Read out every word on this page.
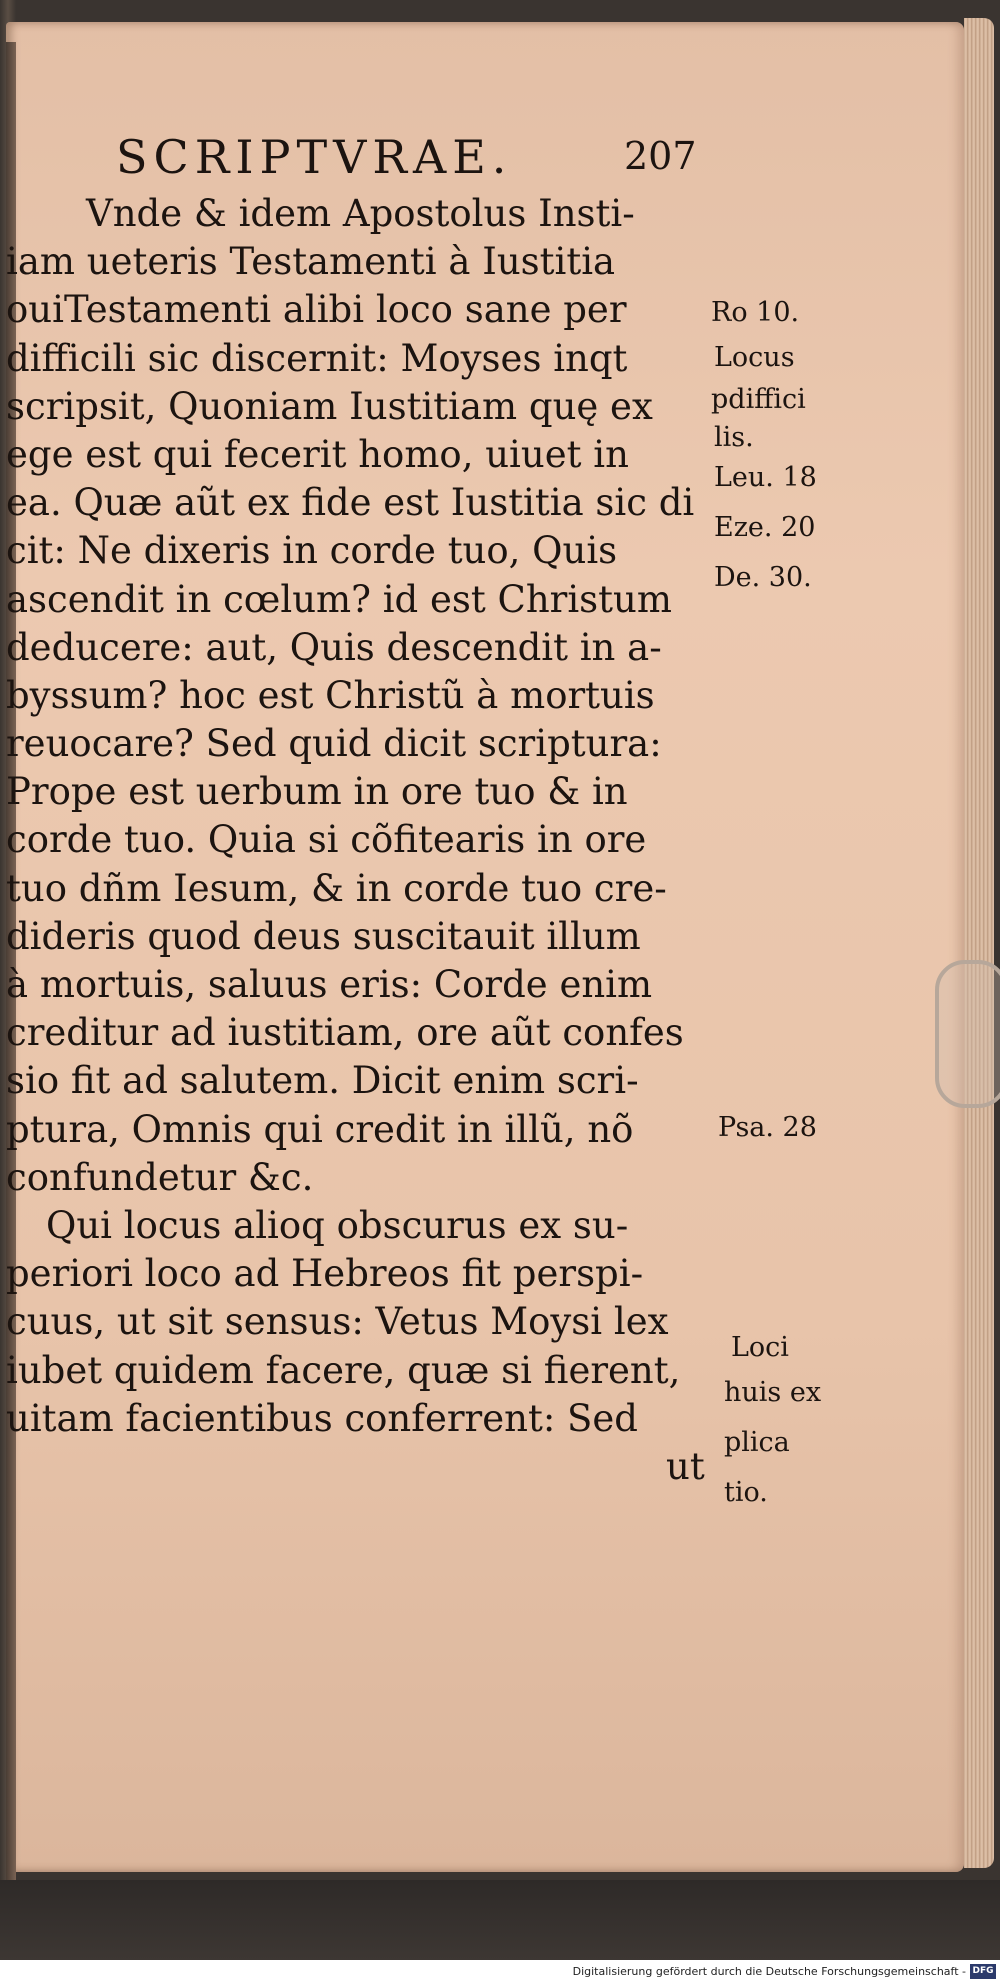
SCRIPTVRAE.	207
Vnde & idem Apostolus Insti-
iam ueteris Testamenti à Iustitia
ouiTestamenti alibi loco sane per
difficili sic discernit: Moyses inqt
scripsit, Quoniam Iustitiam quę ex
ege est qui fecerit homo, uiuet in
ea. Quæ aũt ex fide est Iustitia sic di
cit: Ne dixeris in corde tuo, Quis
ascendit in cœlum? id est Christum
deducere: aut, Quis descendit in a-
byssum? hoc est Christũ à mortuis
reuocare? Sed quid dicit scriptura:
Prope est uerbum in ore tuo & in
corde tuo. Quia si cõfitearis in ore
tuo dñm Iesum, & in corde tuo cre-
dideris quod deus suscitauit illum
à mortuis, saluus eris: Corde enim
creditur ad iustitiam, ore aũt confes
sio fit ad salutem. Dicit enim scri-
ptura, Omnis qui credit in illũ, nõ
confundetur &c.
Qui locus alioq obscurus ex su-
periori loco ad Hebreos fit perspi-
cuus, ut sit sensus: Vetus Moysi lex
iubet quidem facere, quæ si fierent,
uitam facientibus conferrent: Sed
ut
Ro 10.
Locus
pdiffici
lis.
Leu. 18
Eze. 20
De. 30.
Psa. 28
Loci
huis ex
plica
tio.
Digitalisierung gefördert durch die Deutsche Forschungsgemeinschaft - DFG
